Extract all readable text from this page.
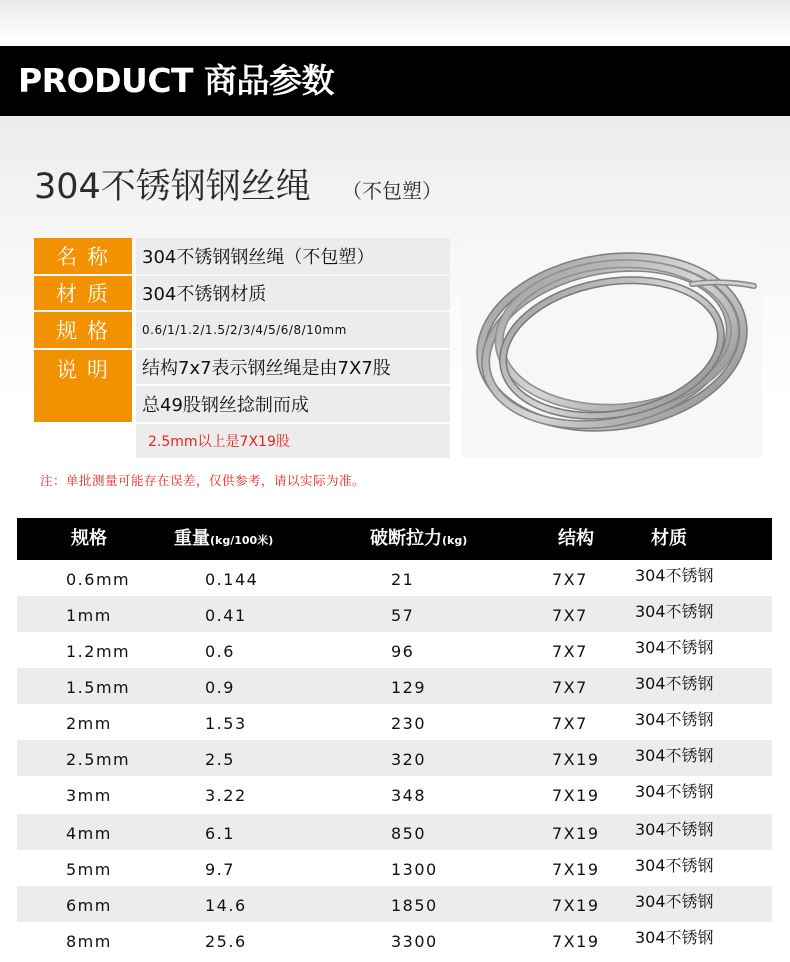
PRODUCT 商品参数
304不锈钢钢丝绳 （不包塑）
名称	304不锈钢钢丝绳（不包塑）
材质	304不锈钢材质
规格	0.6/1/1.2/1.5/2/3/4/5/6/8/10mm
说明	结构7x7表示钢丝绳是由7X7股
总49股钢丝捻制而成
2.5mm以上是7X19股
注：单批测量可能存在误差，仅供参考，请以实际为准。
规格	重量(kg/100米)	破断拉力(kg)	结构	材质
0.6mm	0.144	21	7X7	304不锈钢
1mm	0.41	57	7X7	304不锈钢
1.2mm	0.6	96	7X7	304不锈钢
1.5mm	0.9	129	7X7	304不锈钢
2mm	1.53	230	7X7	304不锈钢
2.5mm	2.5	320	7X19 304不锈钢
3mm	3.22	348	7X19 304不锈钢
4mm	6.1	850	7X19 304不锈钢
5mm	9.7	1300	7X19 304不锈钢
6mm	14.6	1850	7X19 304不锈钢
8mm	25.6	3300	7X19 304不锈钢
